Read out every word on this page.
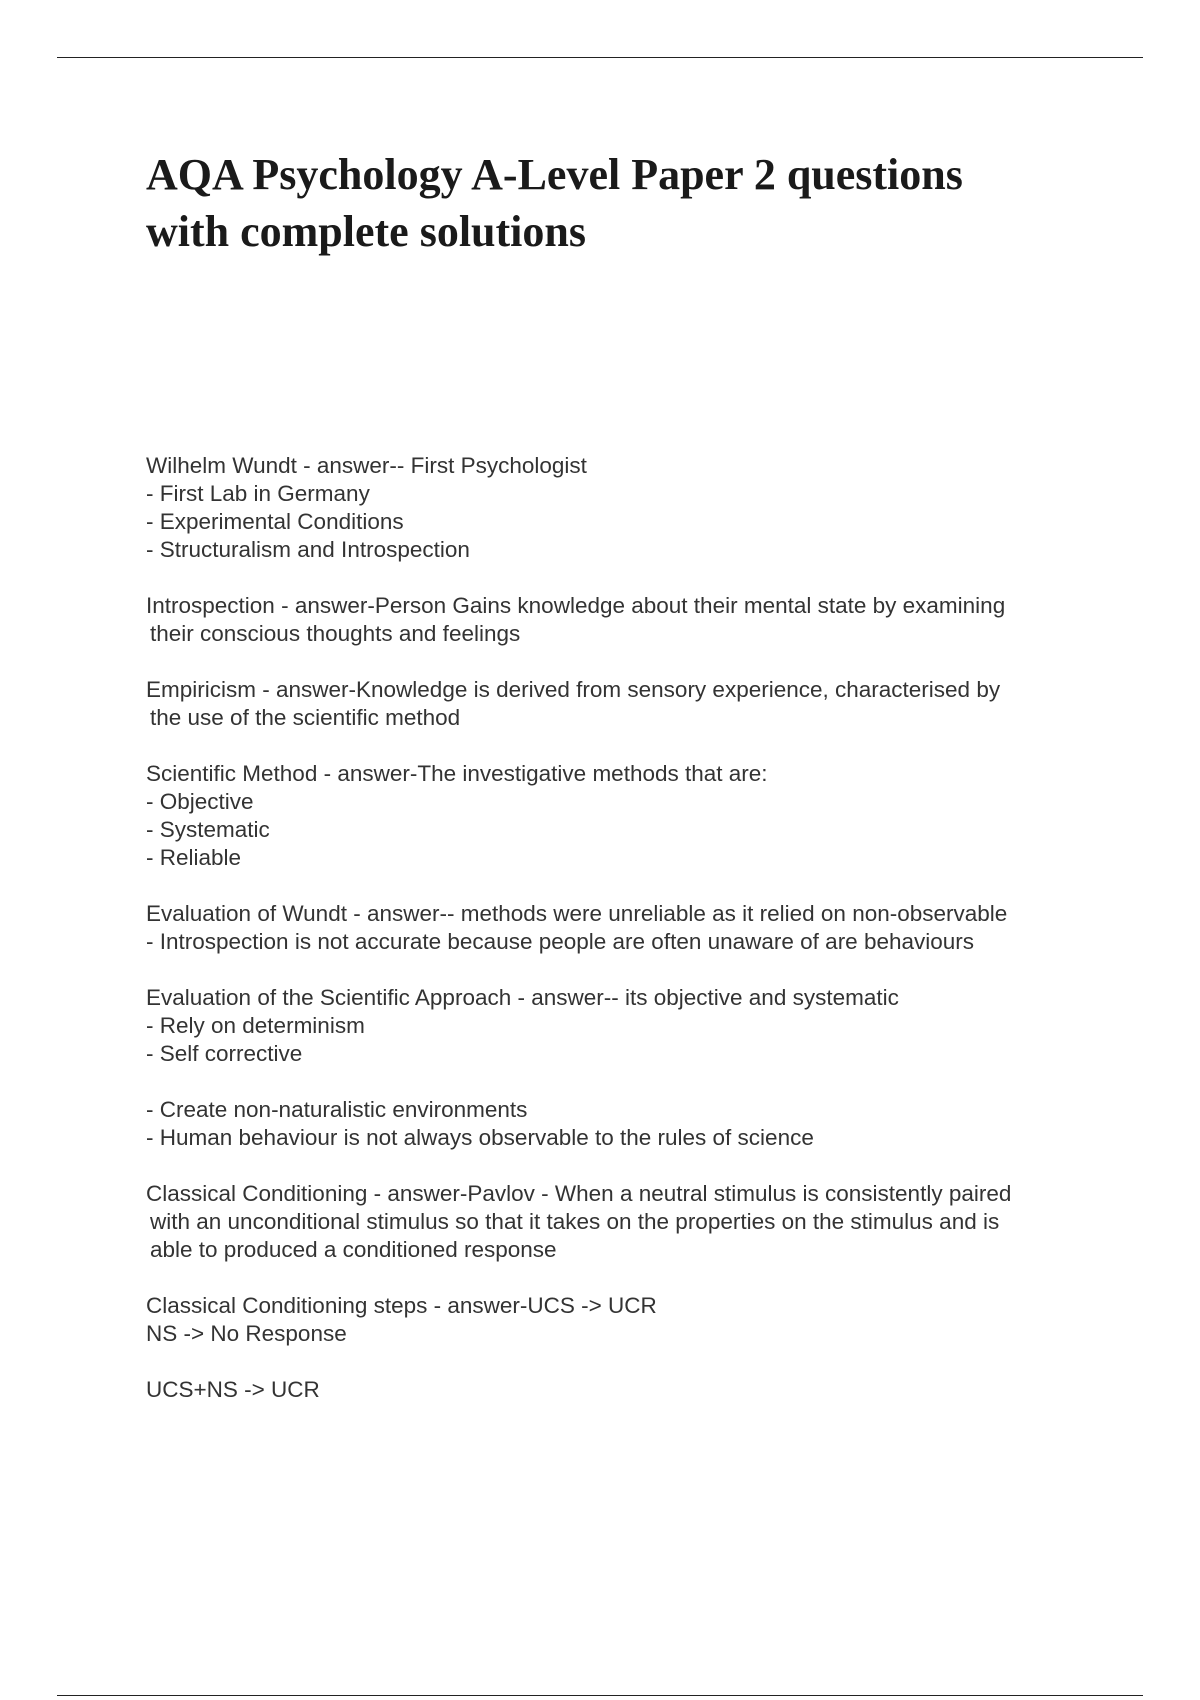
AQA Psychology A-Level Paper 2 questions
with complete solutions
Wilhelm Wundt - answer-- First Psychologist
- First Lab in Germany
- Experimental Conditions
- Structuralism and Introspection
Introspection - answer-Person Gains knowledge about their mental state by examining
their conscious thoughts and feelings
Empiricism - answer-Knowledge is derived from sensory experience, characterised by
the use of the scientific method
Scientific Method - answer-The investigative methods that are:
- Objective
- Systematic
- Reliable
Evaluation of Wundt - answer-- methods were unreliable as it relied on non-observable
- Introspection is not accurate because people are often unaware of are behaviours
Evaluation of the Scientific Approach - answer-- its objective and systematic
- Rely on determinism
- Self corrective
- Create non-naturalistic environments
- Human behaviour is not always observable to the rules of science
Classical Conditioning - answer-Pavlov - When a neutral stimulus is consistently paired
with an unconditional stimulus so that it takes on the properties on the stimulus and is
able to produced a conditioned response
Classical Conditioning steps - answer-UCS -> UCR
NS -> No Response
UCS+NS -> UCR
